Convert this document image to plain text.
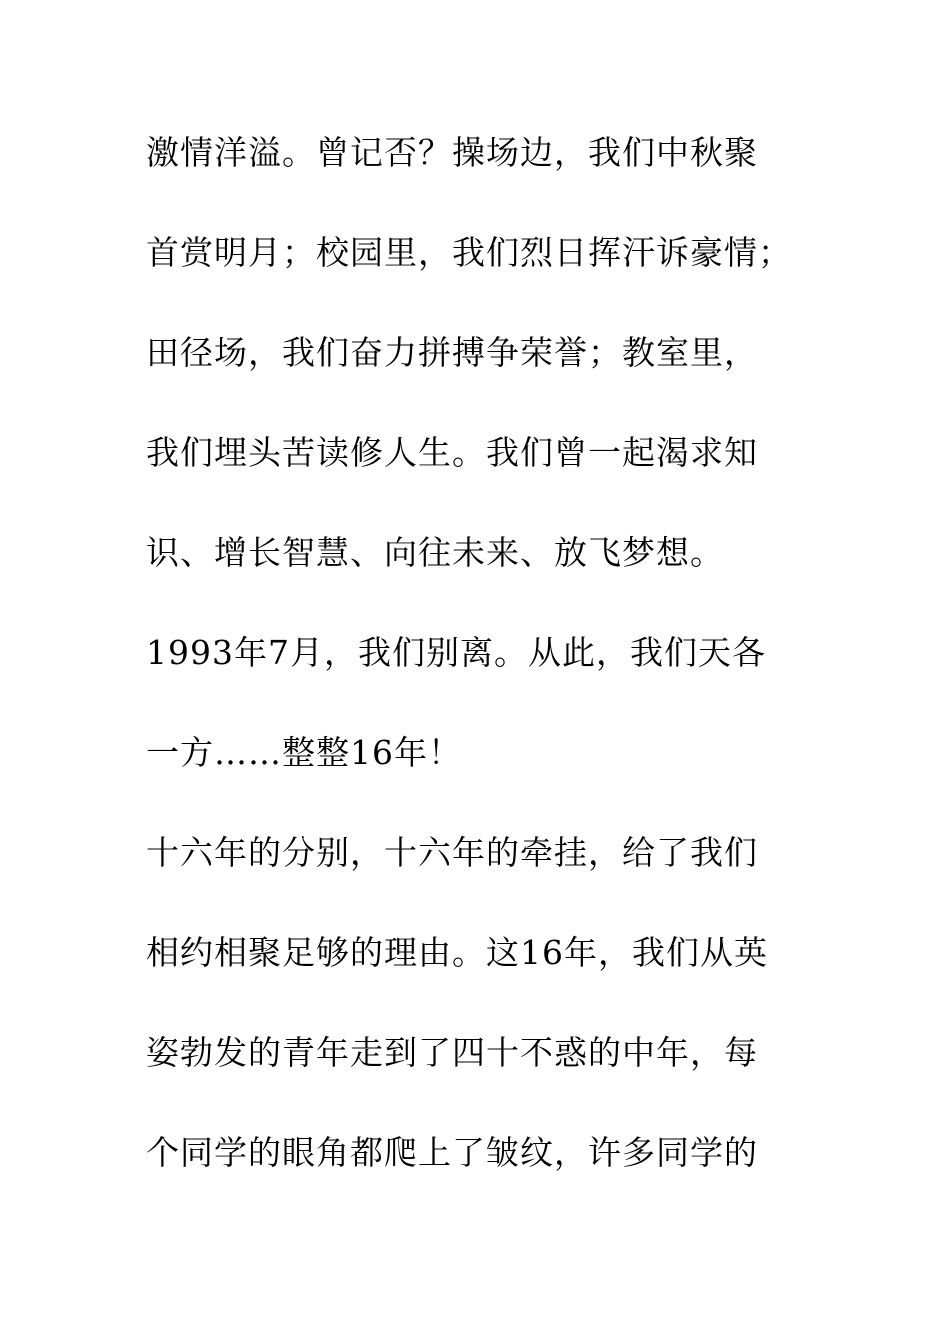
激情洋溢。曾记否？操场边，我们中秋聚
首赏明月；校园里，我们烈日挥汗诉豪情；
田径场，我们奋力拼搏争荣誉；教室里，
我们埋头苦读修人生。我们曾一起渴求知
识、增长智慧、向往未来、放飞梦想。
1993年7月，我们别离。从此，我们天各
一方……整整16年！
十六年的分别，十六年的牵挂，给了我们
相约相聚足够的理由。这16年，我们从英
姿勃发的青年走到了四十不惑的中年，每
个同学的眼角都爬上了皱纹，许多同学的
